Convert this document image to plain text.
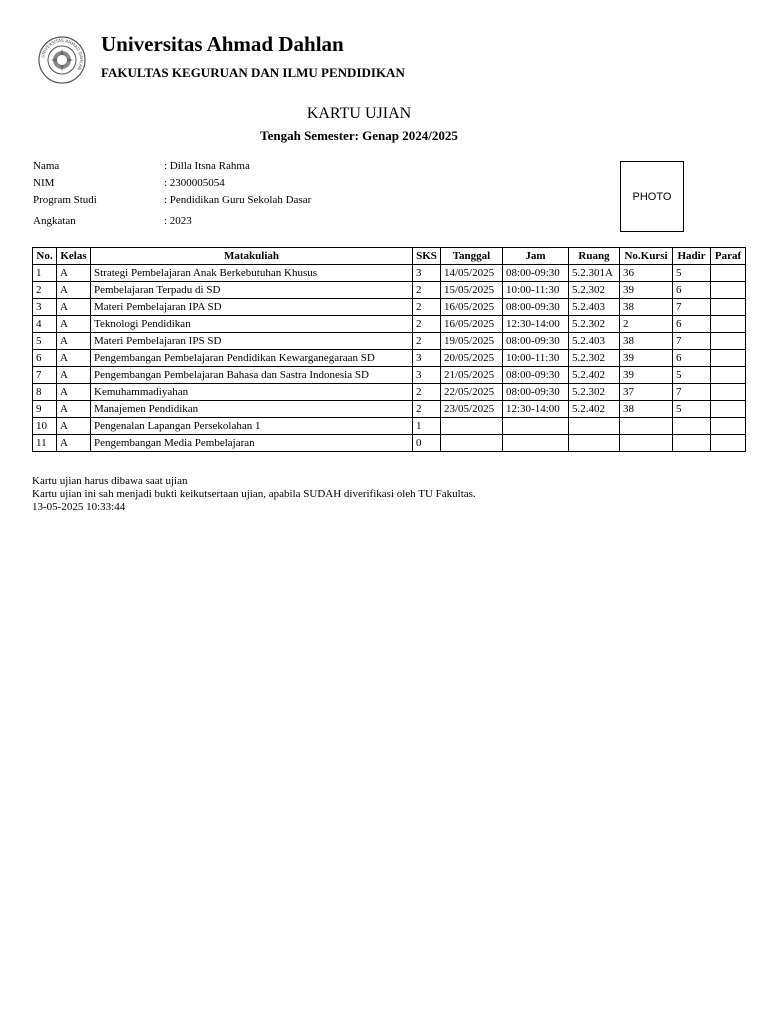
UNIVERSITAS AHMAD DAHLAN
Universitas Ahmad Dahlan
FAKULTAS KEGURUAN DAN ILMU PENDIDIKAN
KARTU UJIAN
Tengah Semester: Genap 2024/2025
Nama	: Dilla Itsna Rahma
NIM	: 2300005054
Program Studi	: Pendidikan Guru Sekolah Dasar
Angkatan	: 2023
PHOTO
No.	Kelas	Matakuliah	SKS	Tanggal	Jam	Ruang	No.Kursi	Hadir	Paraf
1	A	Strategi Pembelajaran Anak Berkebutuhan Khusus	3	14/05/2025	08:00-09:30	5.2.301A	36	5	
2	A	Pembelajaran Terpadu di SD	2	15/05/2025	10:00-11:30	5.2.302	39	6	
3	A	Materi Pembelajaran IPA SD	2	16/05/2025	08:00-09:30	5.2.403	38	7	
4	A	Teknologi Pendidikan	2	16/05/2025	12:30-14:00	5.2.302	2	6	
5	A	Materi Pembelajaran IPS SD	2	19/05/2025	08:00-09:30	5.2.403	38	7	
6	A	Pengembangan Pembelajaran Pendidikan Kewarganegaraan SD	3	20/05/2025	10:00-11:30	5.2.302	39	6	
7	A	Pengembangan Pembelajaran Bahasa dan Sastra Indonesia SD	3	21/05/2025	08:00-09:30	5.2.402	39	5	
8	A	Kemuhammadiyahan	2	22/05/2025	08:00-09:30	5.2.302	37	7	
9	A	Manajemen Pendidikan	2	23/05/2025	12:30-14:00	5.2.402	38	5	
10	A	Pengenalan Lapangan Persekolahan 1	1						
11	A	Pengembangan Media Pembelajaran	0						
Kartu ujian harus dibawa saat ujian
Kartu ujian ini sah menjadi bukti keikutsertaan ujian, apabila SUDAH diverifikasi oleh TU Fakultas.
13-05-2025 10:33:44
